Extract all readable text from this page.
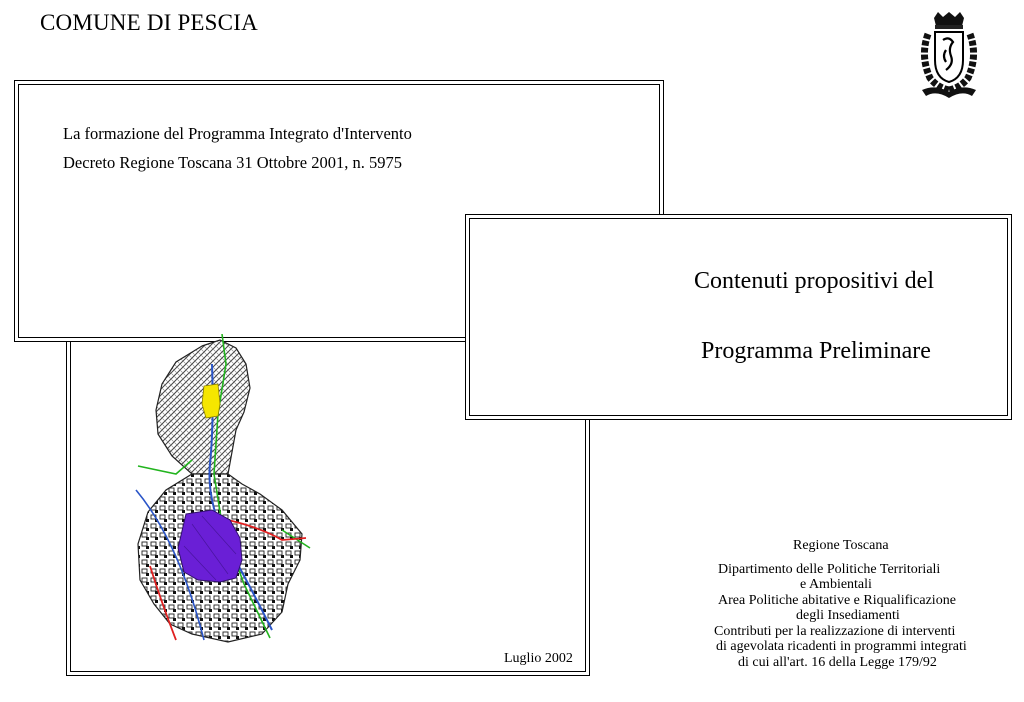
COMUNE DI PESCIA
La formazione del Programma Integrato d'Intervento
Decreto Regione Toscana 31 Ottobre 2001, n. 5975
Contenuti propositivi del
Programma Preliminare
Luglio 2002
Regione Toscana
Dipartimento delle Politiche Territoriali
e Ambientali
Area Politiche abitative e Riqualificazione
degli Insediamenti
Contributi per la realizzazione di interventi
di agevolata ricadenti in programmi integrati
di cui all'art. 16 della Legge 179/92
